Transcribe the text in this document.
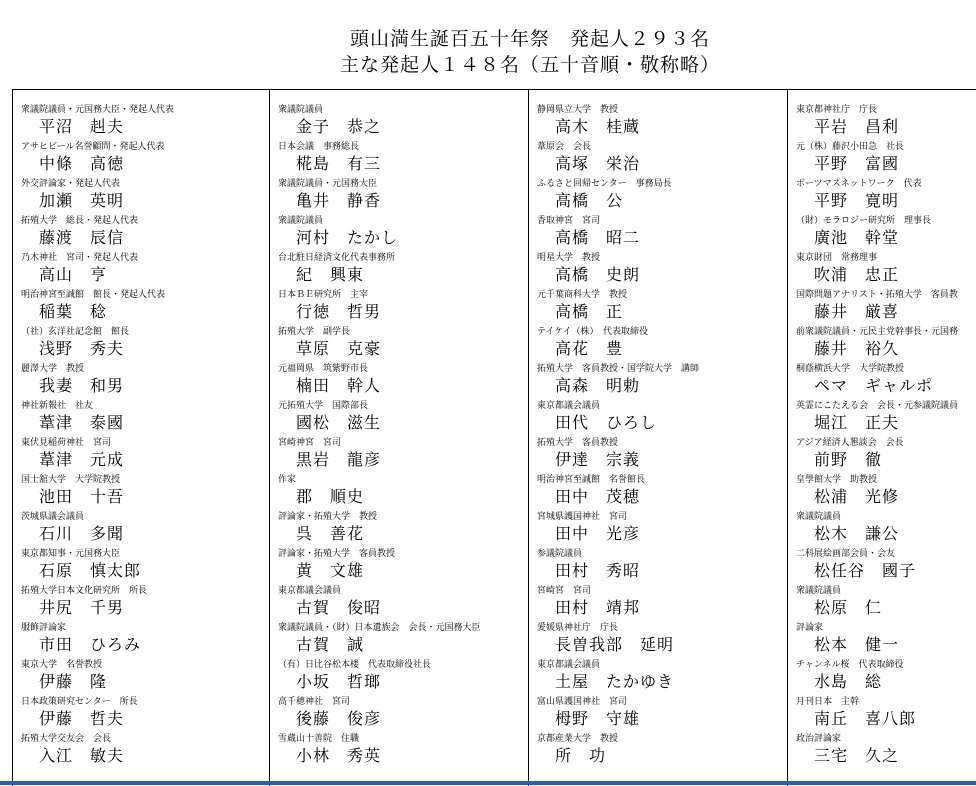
頭山満生誕百五十年祭　発起人２９３名
主な発起人１４８名（五十音順・敬称略）
衆議院議員・元国務大臣・発起人代表
平沼　赳夫
アサヒビール名誉顧問・発起人代表
中條　高徳
外交評論家・発起人代表
加瀬　英明
拓殖大学　総長・発起人代表
藤渡　辰信
乃木神社　宮司・発起人代表
高山　亨
明治神宮至誠館　館長・発起人代表
稲葉　稔
（社）玄洋社記念館　館長
浅野　秀夫
麗澤大学　教授
我妻　和男
神社新報社　社友
葦津　泰國
東伏見稲荷神社　宮司
葦津　元成
国士舘大学　大学院教授
池田　十吾
茨城県議会議員
石川　多聞
東京都知事・元国務大臣
石原　慎太郎
拓殖大学日本文化研究所　所長
井尻　千男
服飾評論家
市田　ひろみ
東京大学　名誉教授
伊藤　隆
日本政策研究センター　所長
伊藤　哲夫
拓殖大学交友会　会長
入江　敏夫
衆議院議員
金子　恭之
日本会議　事務総長
椛島　有三
衆議院議員・元国務大臣
亀井　静香
衆議院議員
河村　たかし
台北駐日経済文化代表事務所
紀　興東
日本ＢＥ研究所　主宰
行徳　哲男
拓殖大学　副学長
草原　克豪
元福岡県　筑紫野市長
楠田　幹人
元拓殖大学　国際部長
國松　滋生
宮崎神宮　宮司
黒岩　龍彦
作家
郡　順史
評論家・拓殖大学　教授
呉　善花
評論家・拓殖大学　客員教授
黄　文雄
東京都議会議員
古賀　俊昭
衆議院議員・（財）日本遺族会　会長・元国務大臣
古賀　誠
（有）日比谷松本楼　代表取締役社長
小坂　哲瑯
高千穂神社　宮司
後藤　俊彦
雪蔵山十善院　住職
小林　秀英
静岡県立大学　教授
高木　桂蔵
葦原会　会長
高塚　栄治
ふるさと回帰センター　事務局長
高橋　公
香取神宮　宮司
高橋　昭二
明星大学　教授
高橋　史朗
元千葉商科大学　教授
高橋　正
テイケイ（株）　代表取締役
高花　豊
拓殖大学　客員教授・国学院大学　講師
高森　明勅
東京都議会議員
田代　ひろし
拓殖大学　客員教授
伊達　宗義
明治神宮至誠館　名誉館長
田中　茂穂
宮城県護国神社　宮司
田中　光彦
参議院議員
田村　秀昭
宮崎宮　宮司
田村　靖邦
愛媛県神社庁　庁長
長曽我部　延明
東京都議会議員
土屋　たかゆき
富山県護国神社　宮司
栂野　守雄
京都産業大学　教授
所　功
東京都神社庁　庁長
平岩　昌利
元（株）藤沢小田急　社長
平野　富國
ボーツマスネットワーク　代表
平野　寛明
（財）モラロジー研究所　理事長
廣池　幹堂
東京財団　常務理事
吹浦　忠正
国際問題アナリスト・拓殖大学　客員教
藤井　厳喜
前衆議院議員・元民主党幹事長・元国務
藤井　裕久
桐蔭横浜大学　大学院教授
ペマ　ギャルポ
英霊にこたえる会　会長・元参議院議員
堀江　正夫
アジア経済人懇談会　会長
前野　徹
皇學館大学　助教授
松浦　光修
衆議院議員
松木　謙公
二科展絵画部会員・会友
松任谷　國子
衆議院議員
松原　仁
評論家
松本　健一
チャンネル桜　代表取締役
水島　総
月刊日本　主幹
南丘　喜八郎
政治評論家
三宅　久之
